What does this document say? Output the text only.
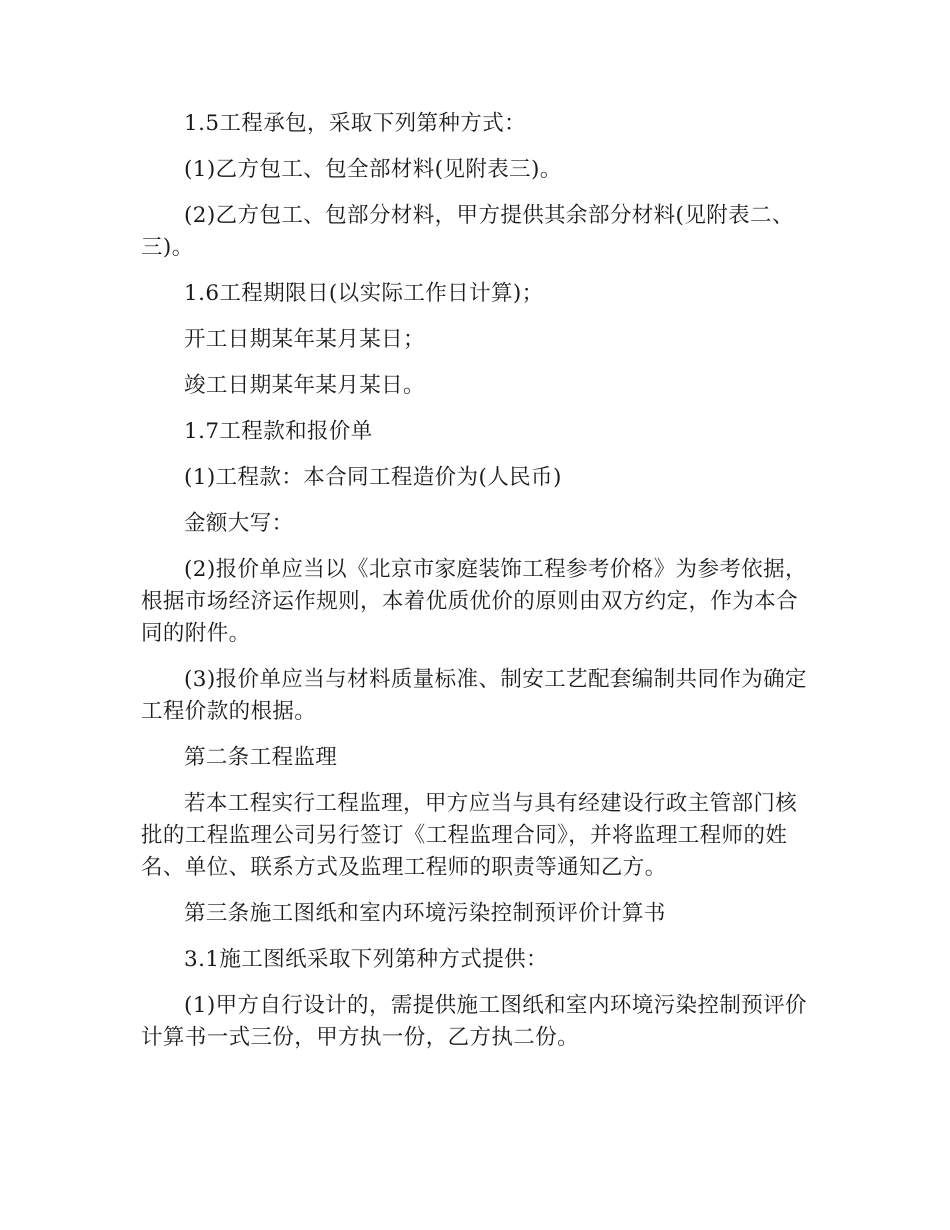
1.5工程承包，采取下列第种方式：

(1)乙方包工、包全部材料(见附表三)。

(2)乙方包工、包部分材料，甲方提供其余部分材料(见附表二、三)。

1.6工程期限日(以实际工作日计算)；

开工日期某年某月某日；

竣工日期某年某月某日。

1.7工程款和报价单

(1)工程款：本合同工程造价为(人民币)

金额大写：

(2)报价单应当以《北京市家庭装饰工程参考价格》为参考依据，根据市场经济运作规则，本着优质优价的原则由双方约定，作为本合同的附件。

(3)报价单应当与材料质量标准、制安工艺配套编制共同作为确定工程价款的根据。

第二条工程监理

若本工程实行工程监理，甲方应当与具有经建设行政主管部门核批的工程监理公司另行签订《工程监理合同》，并将监理工程师的姓名、单位、联系方式及监理工程师的职责等通知乙方。

第三条施工图纸和室内环境污染控制预评价计算书

3.1施工图纸采取下列第种方式提供：

(1)甲方自行设计的，需提供施工图纸和室内环境污染控制预评价计算书一式三份，甲方执一份，乙方执二份。
